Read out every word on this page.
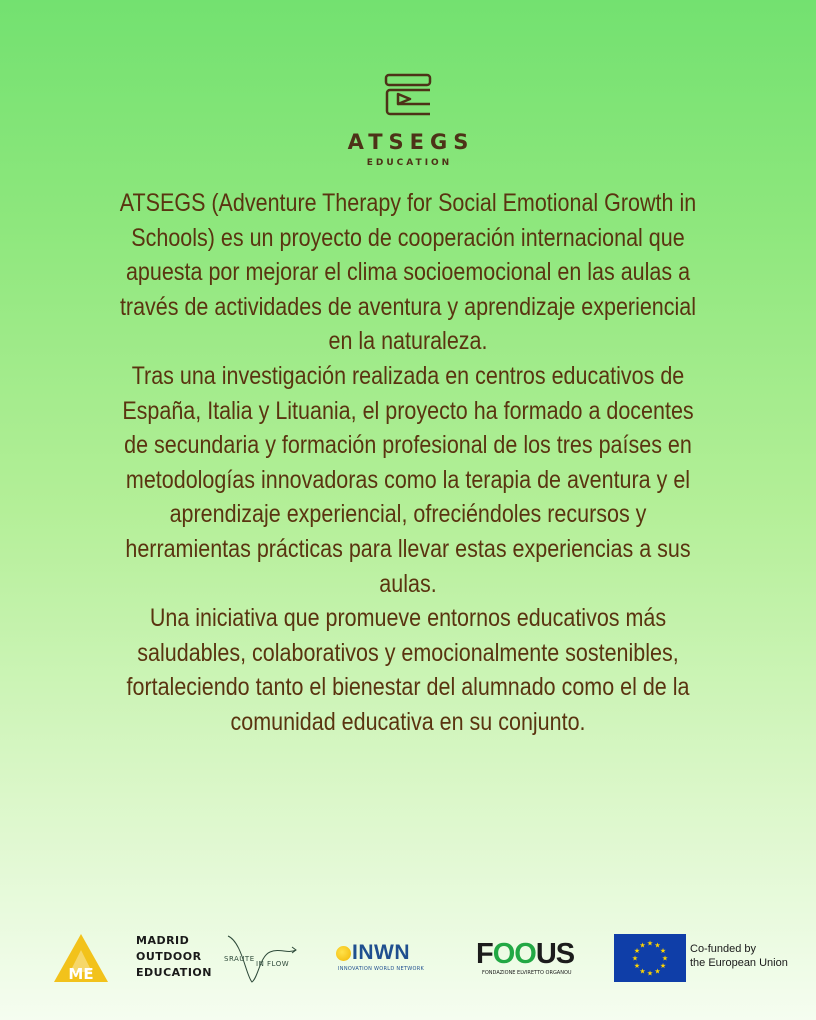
ATSEGS
EDUCATION

ATSEGS (Adventure Therapy for Social Emotional Growth in Schools) es un proyecto de cooperación internacional que apuesta por mejorar el clima socioemocional en las aulas a través de actividades de aventura y aprendizaje experiencial en la naturaleza.

Tras una investigación realizada en centros educativos de España, Italia y Lituania, el proyecto ha formado a docentes de secundaria y formación profesional de los tres países en metodologías innovadoras como la terapia de aventura y el aprendizaje experiencial, ofreciéndoles recursos y herramientas prácticas para llevar estas experiencias a sus aulas.

Una iniciativa que promueve entornos educativos más saludables, colaborativos y emocionalmente sostenibles, fortaleciendo tanto el bienestar del alumnado como el de la comunidad educativa en su conjunto.

ME
MADRID
OUTDOOR
EDUCATION
SRAUTE
IN FLOW	INWN
INNOVATION WORLD NETWORK FOOUS
FONDAZIONE ELVIRETTO ORGANOU
★
★
★
★
★
★
★
★
★ ★ ★
★ Co-funded by
the European Union
